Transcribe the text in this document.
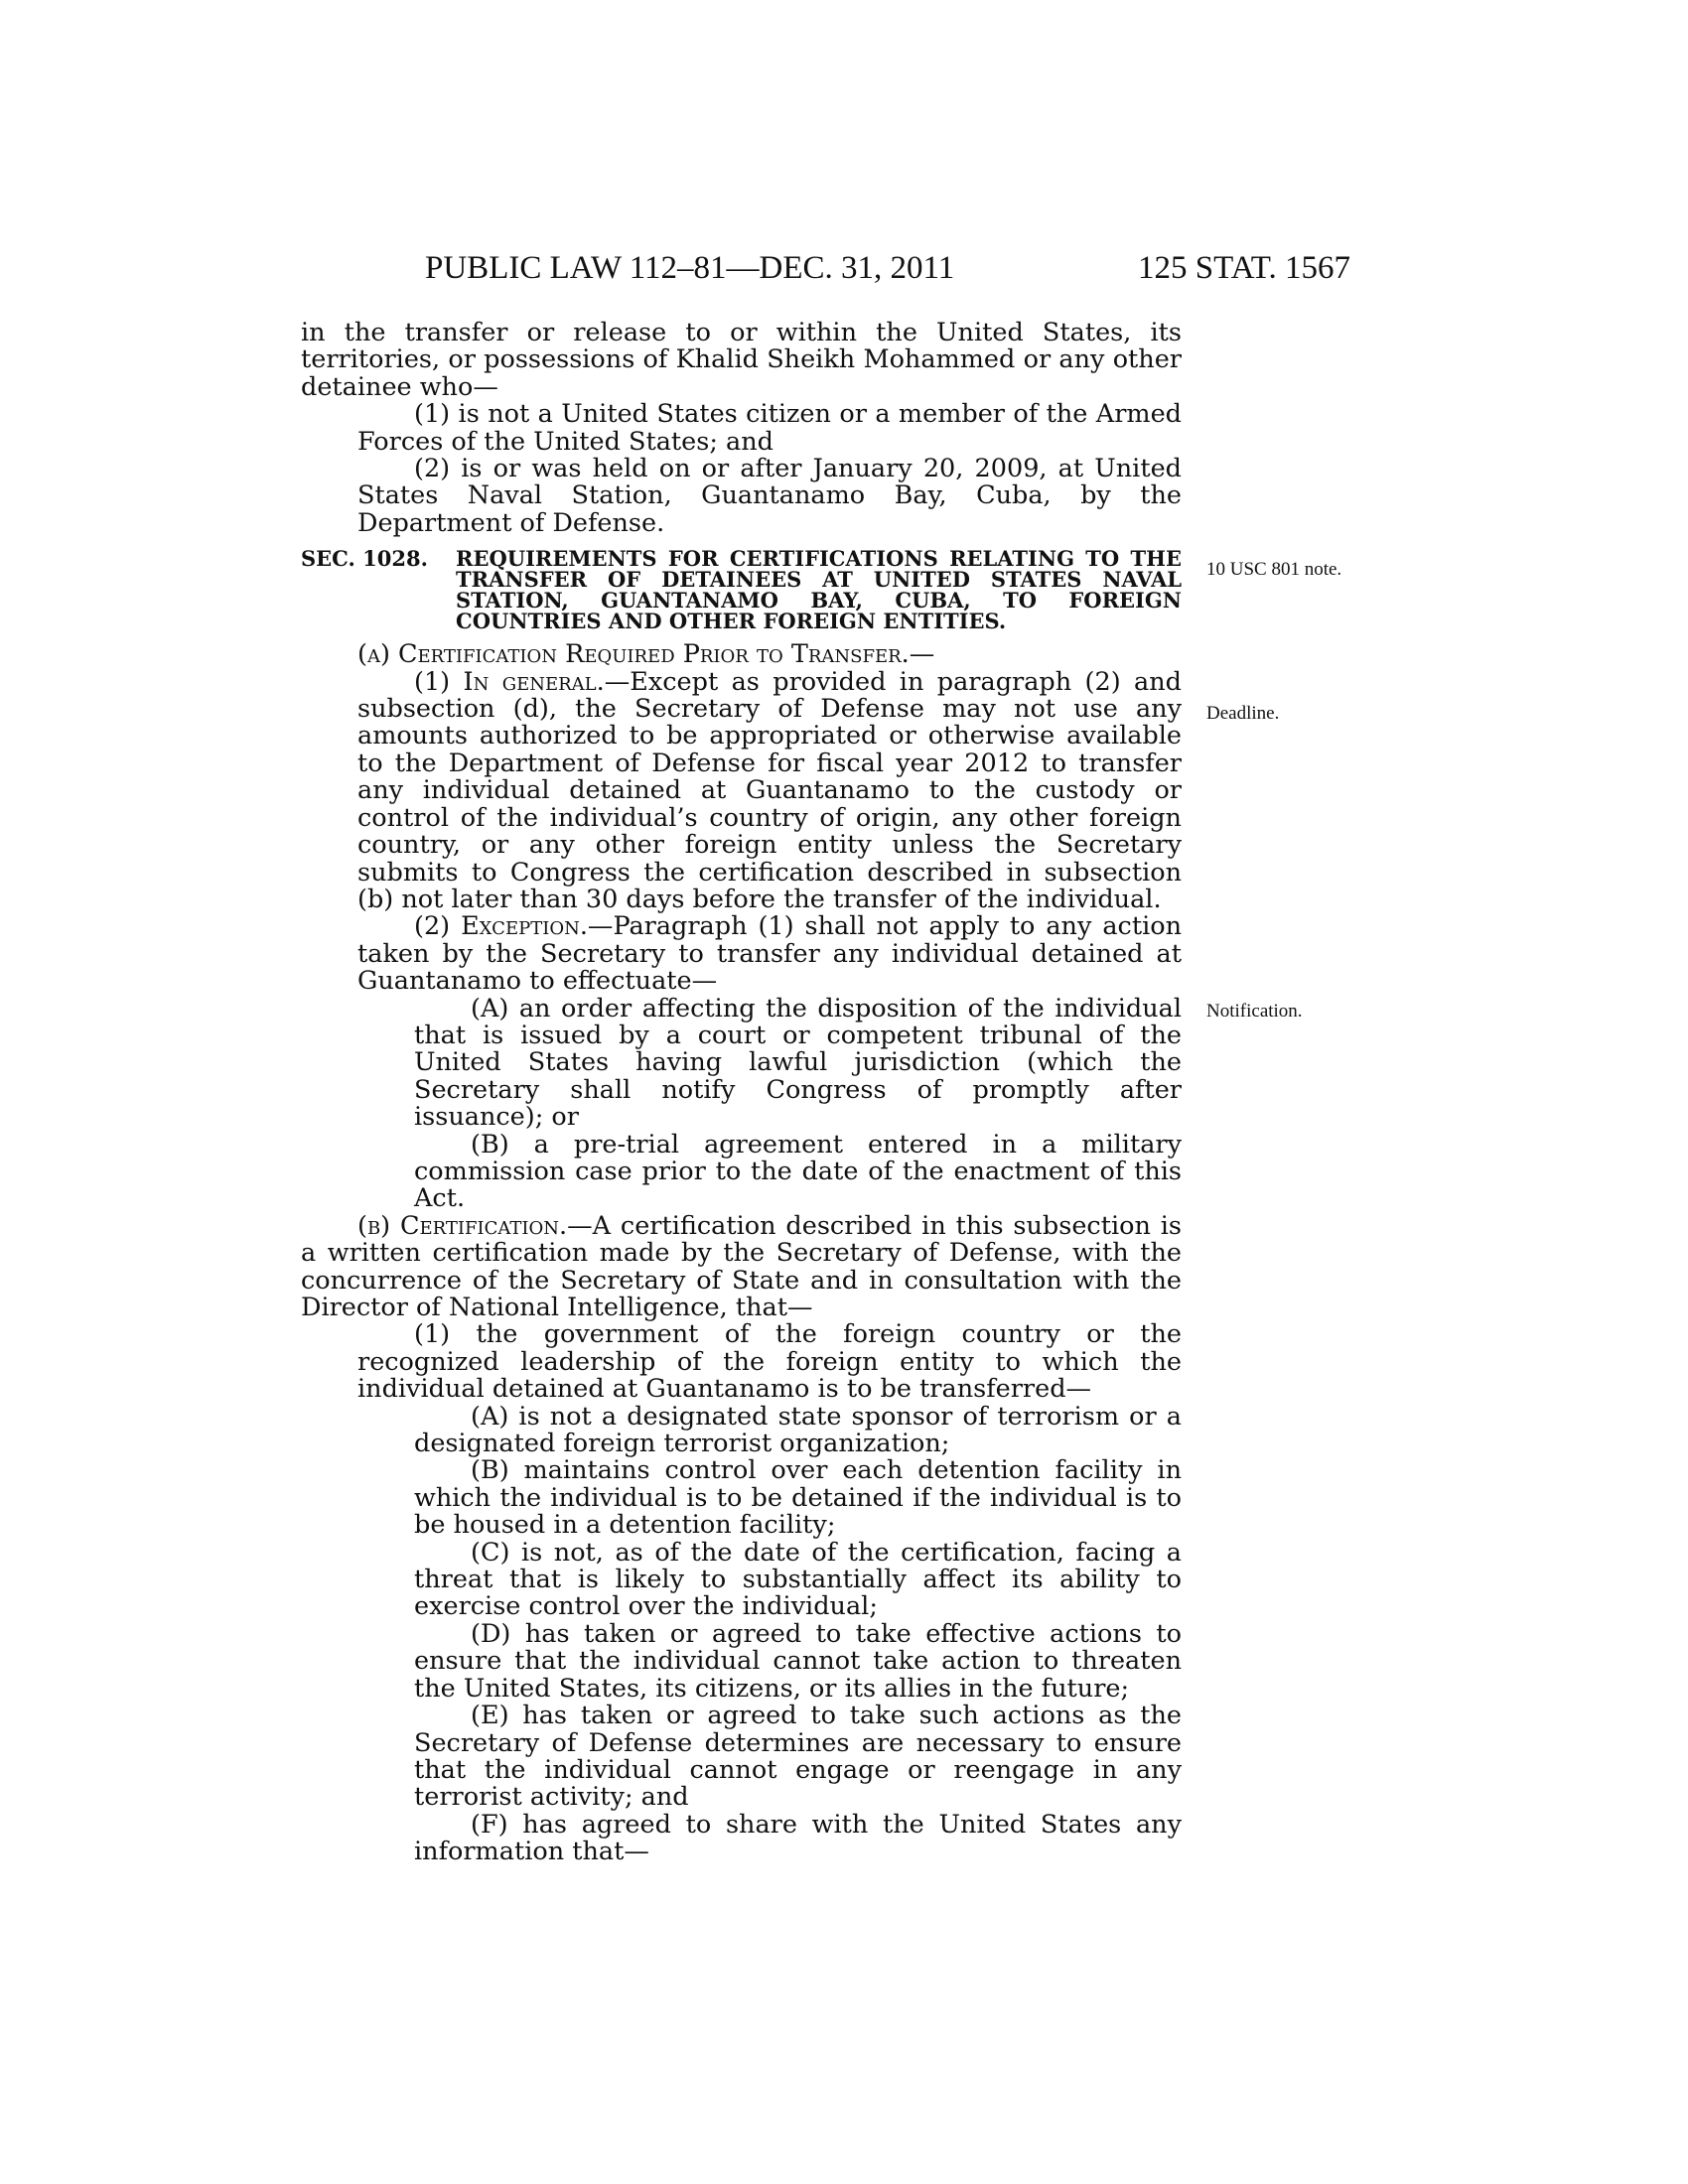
PUBLIC LAW 112–81—DEC. 31, 2011	125 STAT. 1567

in the transfer or release to or within the United States, its territories, or possessions of Khalid Sheikh Mohammed or any other detainee who—

(1) is not a United States citizen or a member of the Armed Forces of the United States; and

(2) is or was held on or after January 20, 2009, at United States Naval Station, Guantanamo Bay, Cuba, by the Department of Defense.

SEC. 1028. REQUIREMENTS FOR CERTIFICATIONS RELATING TO THE TRANSFER OF DETAINEES AT UNITED STATES NAVAL STATION, GUANTANAMO BAY, CUBA, TO FOREIGN COUNTRIES AND OTHER FOREIGN ENTITIES.

(a) Certification Required Prior to Transfer.—

(1) In general.—Except as provided in paragraph (2) and subsection (d), the Secretary of Defense may not use any amounts authorized to be appropriated or otherwise available to the Department of Defense for fiscal year 2012 to transfer any individual detained at Guantanamo to the custody or control of the individual’s country of origin, any other foreign country, or any other foreign entity unless the Secretary submits to Congress the certification described in subsection (b) not later than 30 days before the transfer of the individual.

(2) Exception.—Paragraph (1) shall not apply to any action taken by the Secretary to transfer any individual detained at Guantanamo to effectuate—

(A) an order affecting the disposition of the individual that is issued by a court or competent tribunal of the United States having lawful jurisdiction (which the Secretary shall notify Congress of promptly after issuance); or

(B) a pre-trial agreement entered in a military commission case prior to the date of the enactment of this Act.

(b) Certification.—A certification described in this subsection is a written certification made by the Secretary of Defense, with the concurrence of the Secretary of State and in consultation with the Director of National Intelligence, that—

(1) the government of the foreign country or the recognized leadership of the foreign entity to which the individual detained at Guantanamo is to be transferred—

(A) is not a designated state sponsor of terrorism or a designated foreign terrorist organization;

(B) maintains control over each detention facility in which the individual is to be detained if the individual is to be housed in a detention facility;

(C) is not, as of the date of the certification, facing a threat that is likely to substantially affect its ability to exercise control over the individual;

(D) has taken or agreed to take effective actions to ensure that the individual cannot take action to threaten the United States, its citizens, or its allies in the future;

(E) has taken or agreed to take such actions as the Secretary of Defense determines are necessary to ensure that the individual cannot engage or reengage in any terrorist activity; and

(F) has agreed to share with the United States any information that—

10 USC 801 note.
Deadline.
Notification.
